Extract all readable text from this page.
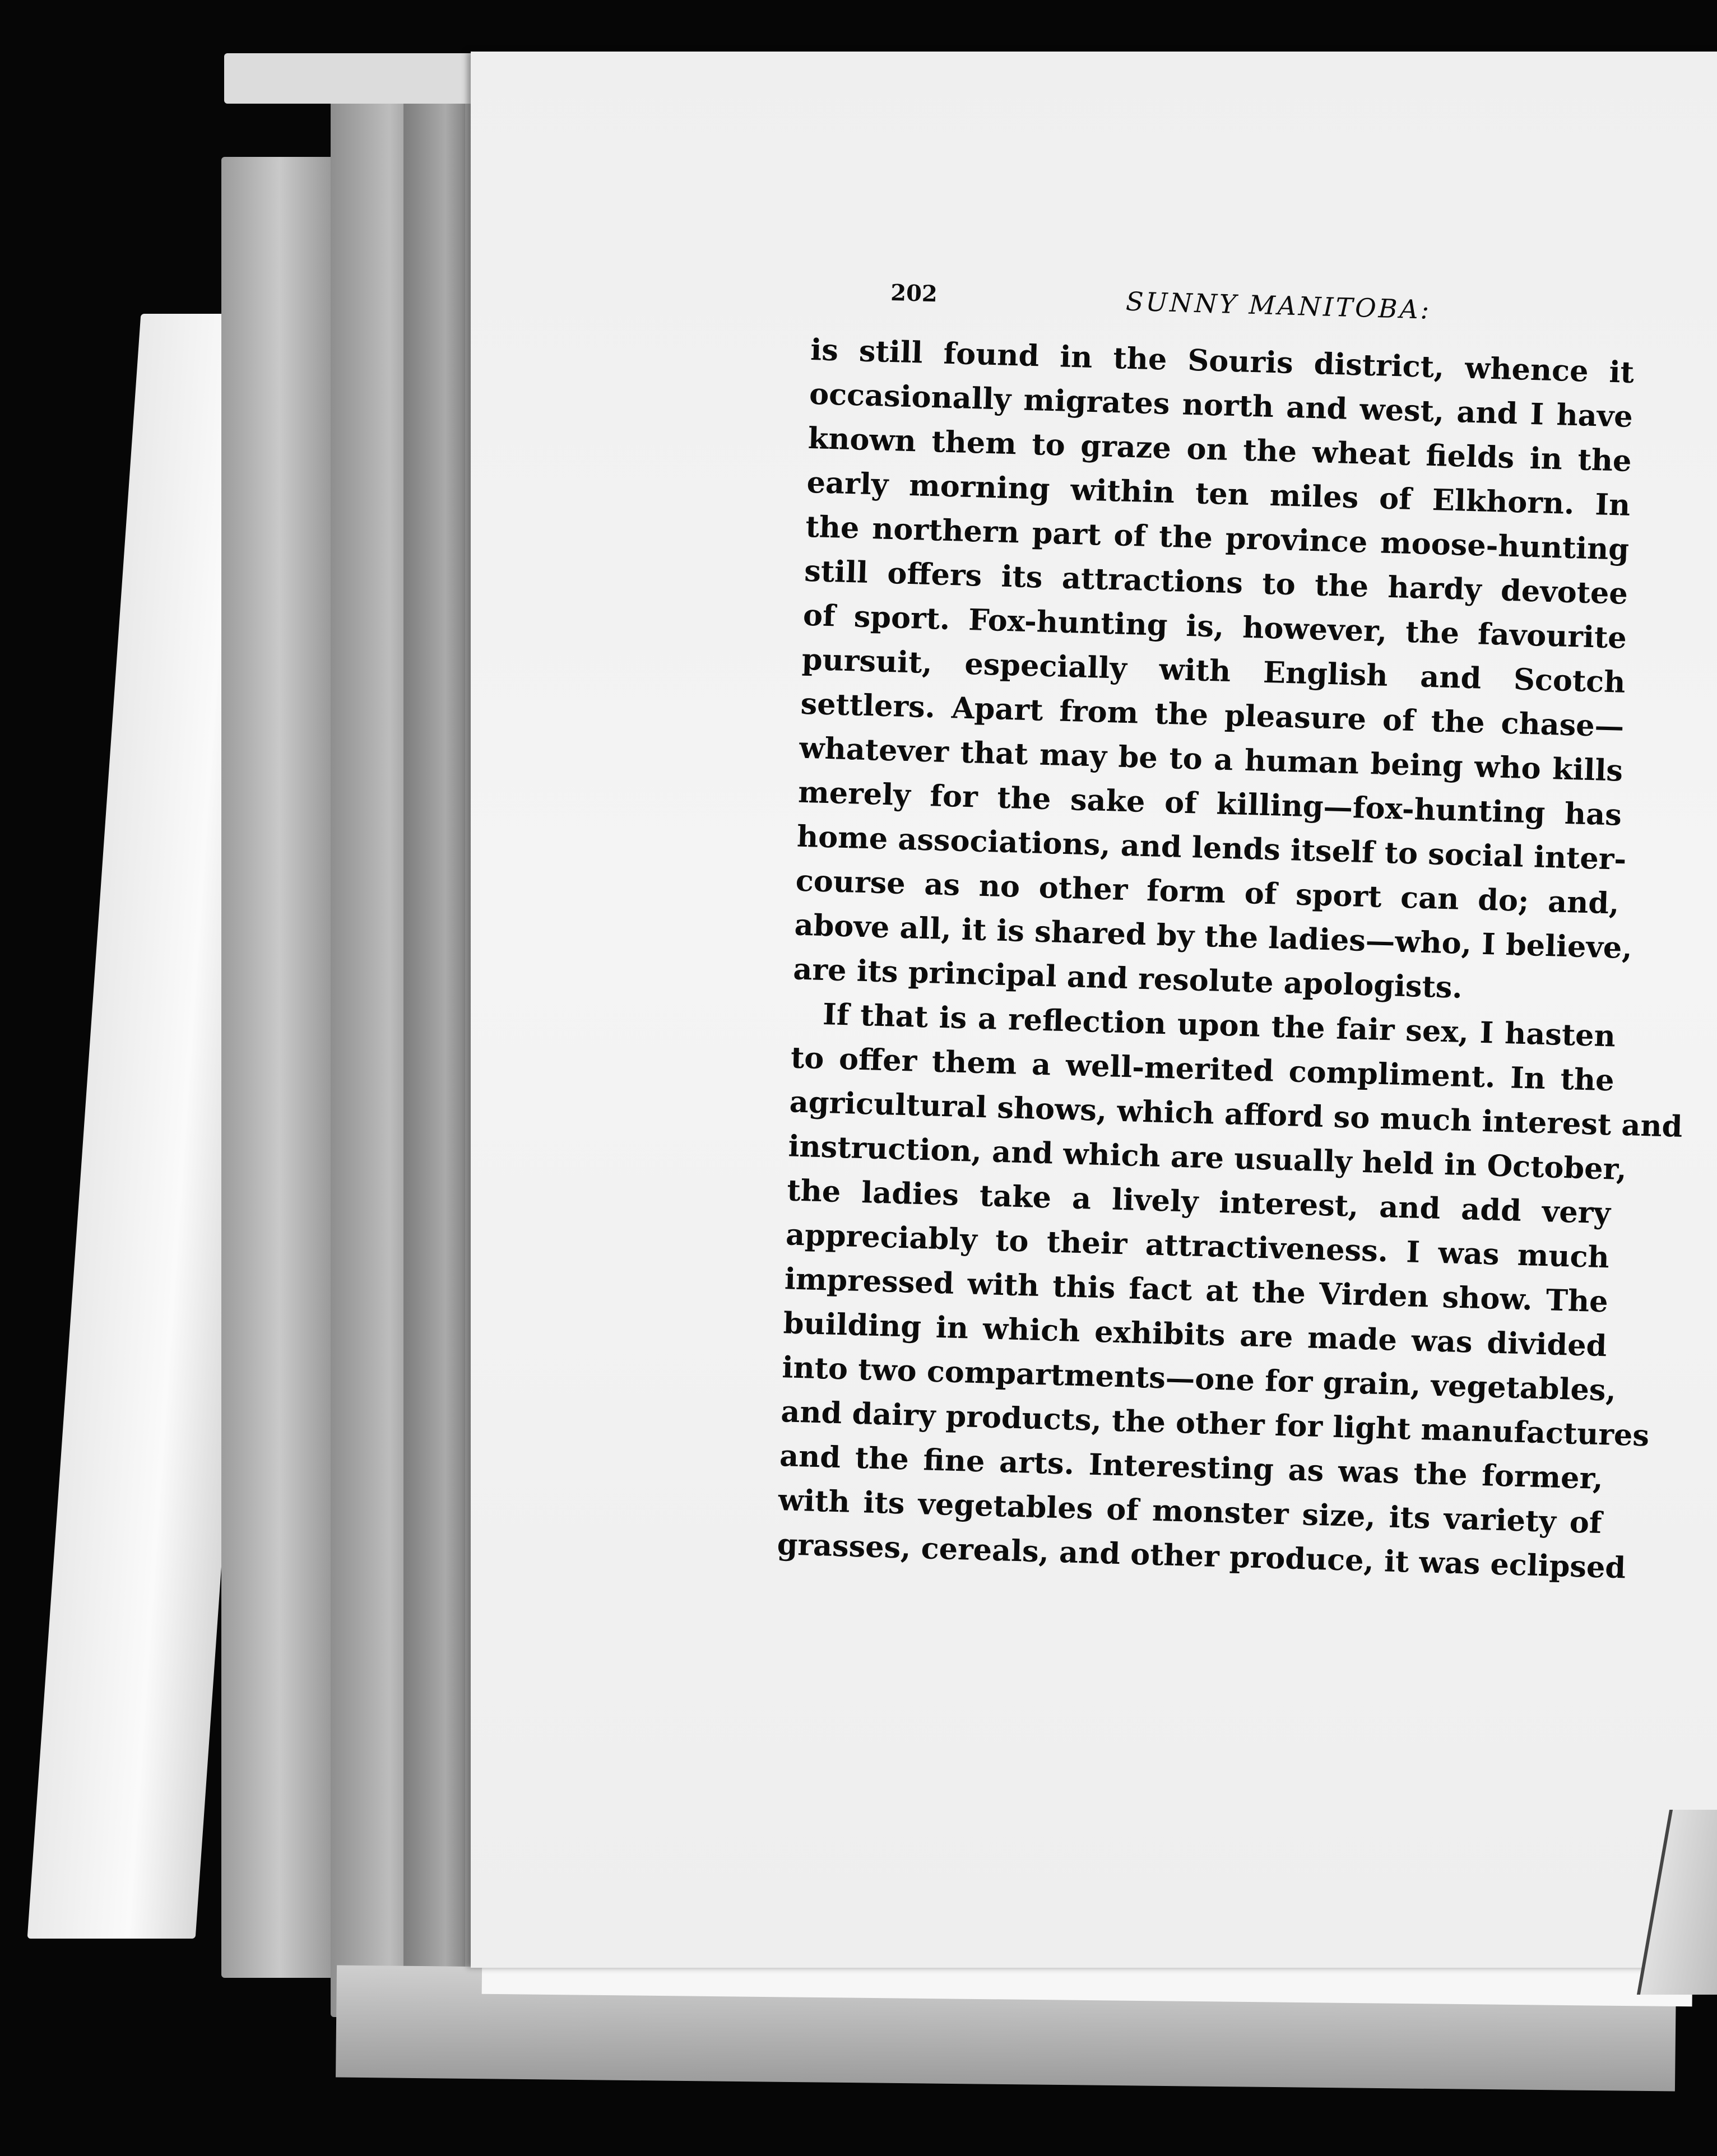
202	SUNNY MANITOBA:
is still found in the Souris district, whence it
occasionally migrates north and west, and I have
known them to graze on the wheat fields in the
early morning within ten miles of Elkhorn. In
the northern part of the province moose-hunting
still offers its attractions to the hardy devotee
of sport. Fox-hunting is, however, the favourite
pursuit, especially with English and Scotch
settlers. Apart from the pleasure of the chase—
whatever that may be to a human being who kills
merely for the sake of killing—fox-hunting has
home associations, and lends itself to social inter-
course as no other form of sport can do; and,
above all, it is shared by the ladies—who, I believe,
are its principal and resolute apologists.
If that is a reflection upon the fair sex, I hasten
to offer them a well-merited compliment. In the
agricultural shows, which afford so much interest and
instruction, and which are usually held in October,
the ladies take a lively interest, and add very
appreciably to their attractiveness. I was much
impressed with this fact at the Virden show. The
building in which exhibits are made was divided
into two compartments—one for grain, vegetables,
and dairy products, the other for light manufactures
and the fine arts. Interesting as was the former,
with its vegetables of monster size, its variety of
grasses, cereals, and other produce, it was eclipsed
